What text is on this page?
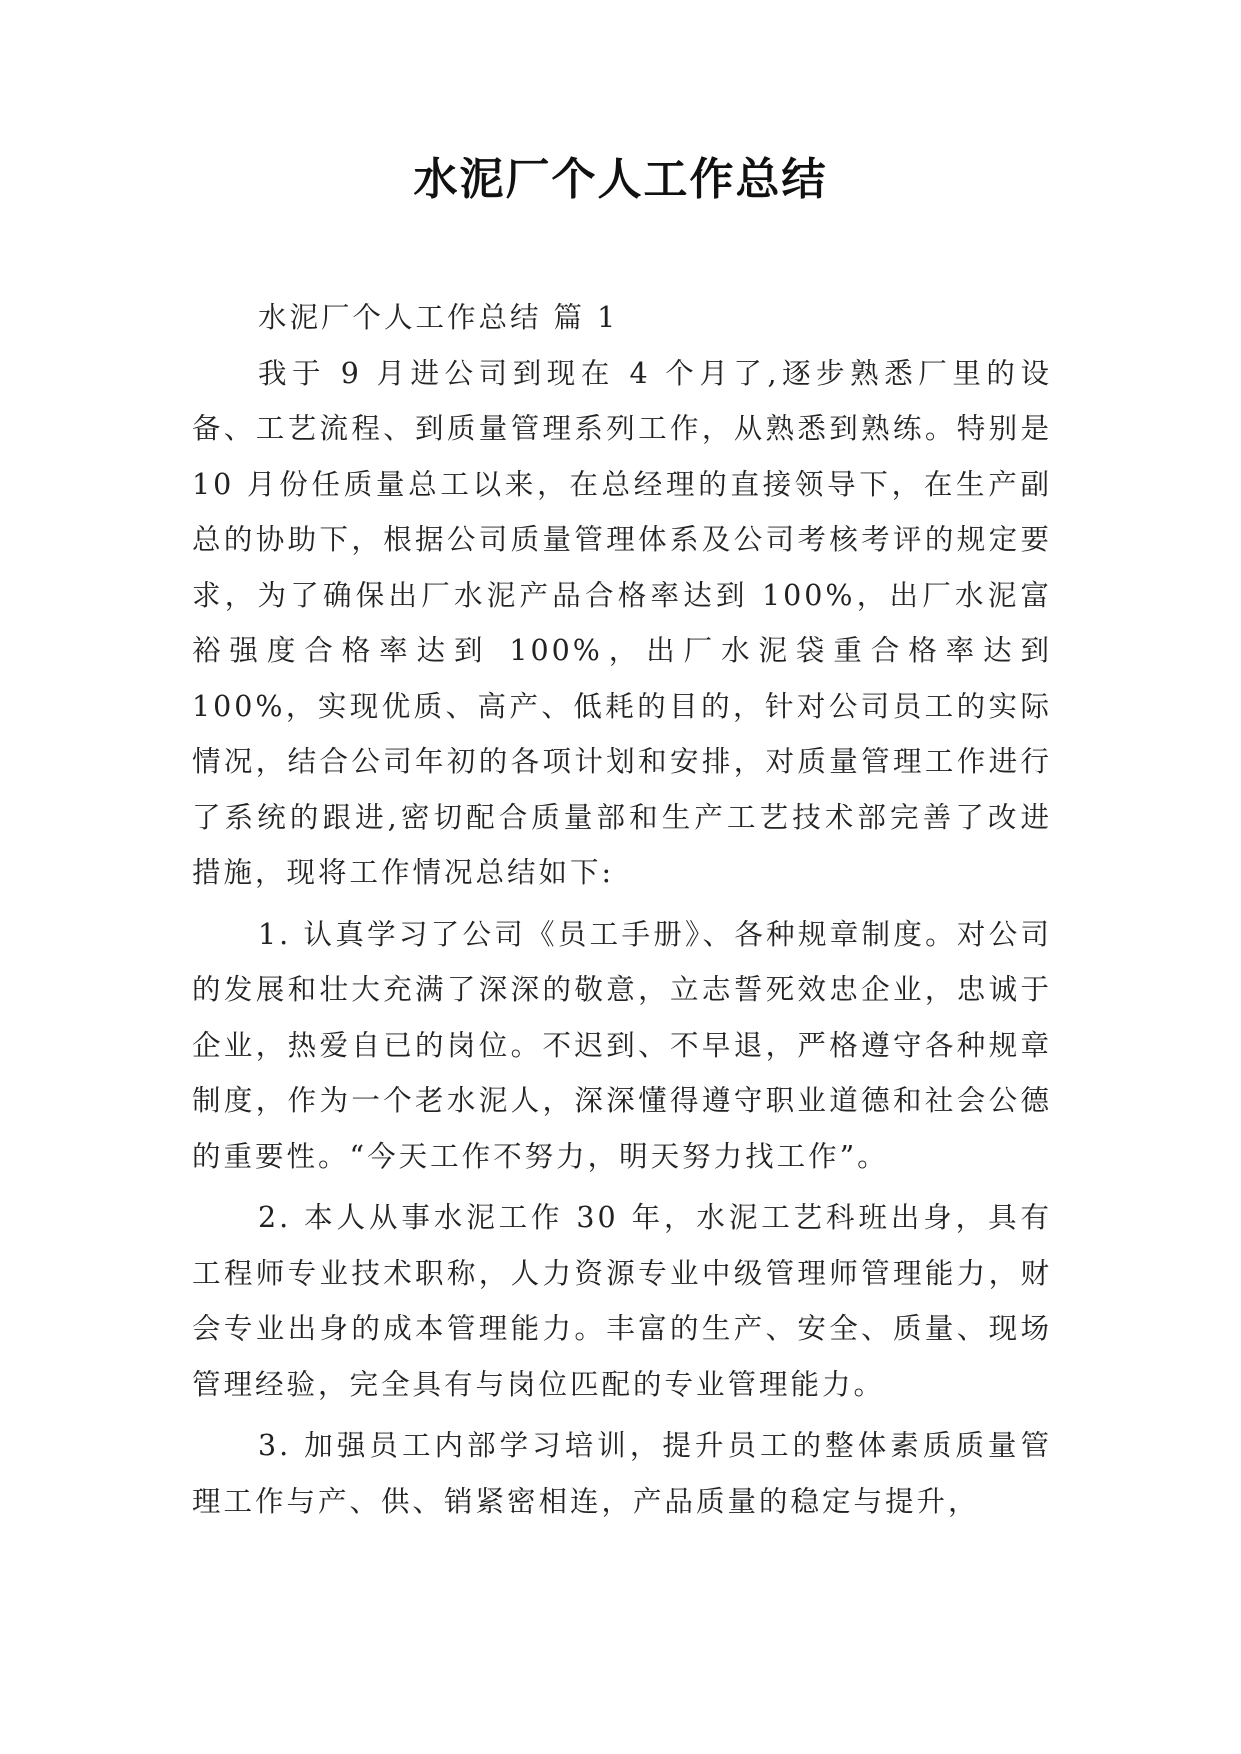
水泥厂个人工作总结

水泥厂个人工作总结 篇 1

我于 9 月进公司到现在 4 个月了,逐步熟悉厂里的设备、工艺流程、到质量管理系列工作，从熟悉到熟练。特别是 10 月份任质量总工以来，在总经理的直接领导下，在生产副总的协助下，根据公司质量管理体系及公司考核考评的规定要求，为了确保出厂水泥产品合格率达到 100%，出厂水泥富裕强度合格率达到 100%，出厂水泥袋重合格率达到 100%，实现优质、高产、低耗的目的，针对公司员工的实际情况，结合公司年初的各项计划和安排，对质量管理工作进行了系统的跟进,密切配合质量部和生产工艺技术部完善了改进措施，现将工作情况总结如下:

1. 认真学习了公司《员工手册》、各种规章制度。对公司的发展和壮大充满了深深的敬意，立志誓死效忠企业，忠诚于企业，热爱自已的岗位。不迟到、不早退，严格遵守各种规章制度，作为一个老水泥人，深深懂得遵守职业道德和社会公德的重要性。“今天工作不努力，明天努力找工作”。

2. 本人从事水泥工作 30 年，水泥工艺科班出身，具有工程师专业技术职称，人力资源专业中级管理师管理能力，财会专业出身的成本管理能力。丰富的生产、安全、质量、现场管理经验，完全具有与岗位匹配的专业管理能力。

3. 加强员工内部学习培训，提升员工的整体素质质量管理工作与产、供、销紧密相连，产品质量的稳定与提升，
